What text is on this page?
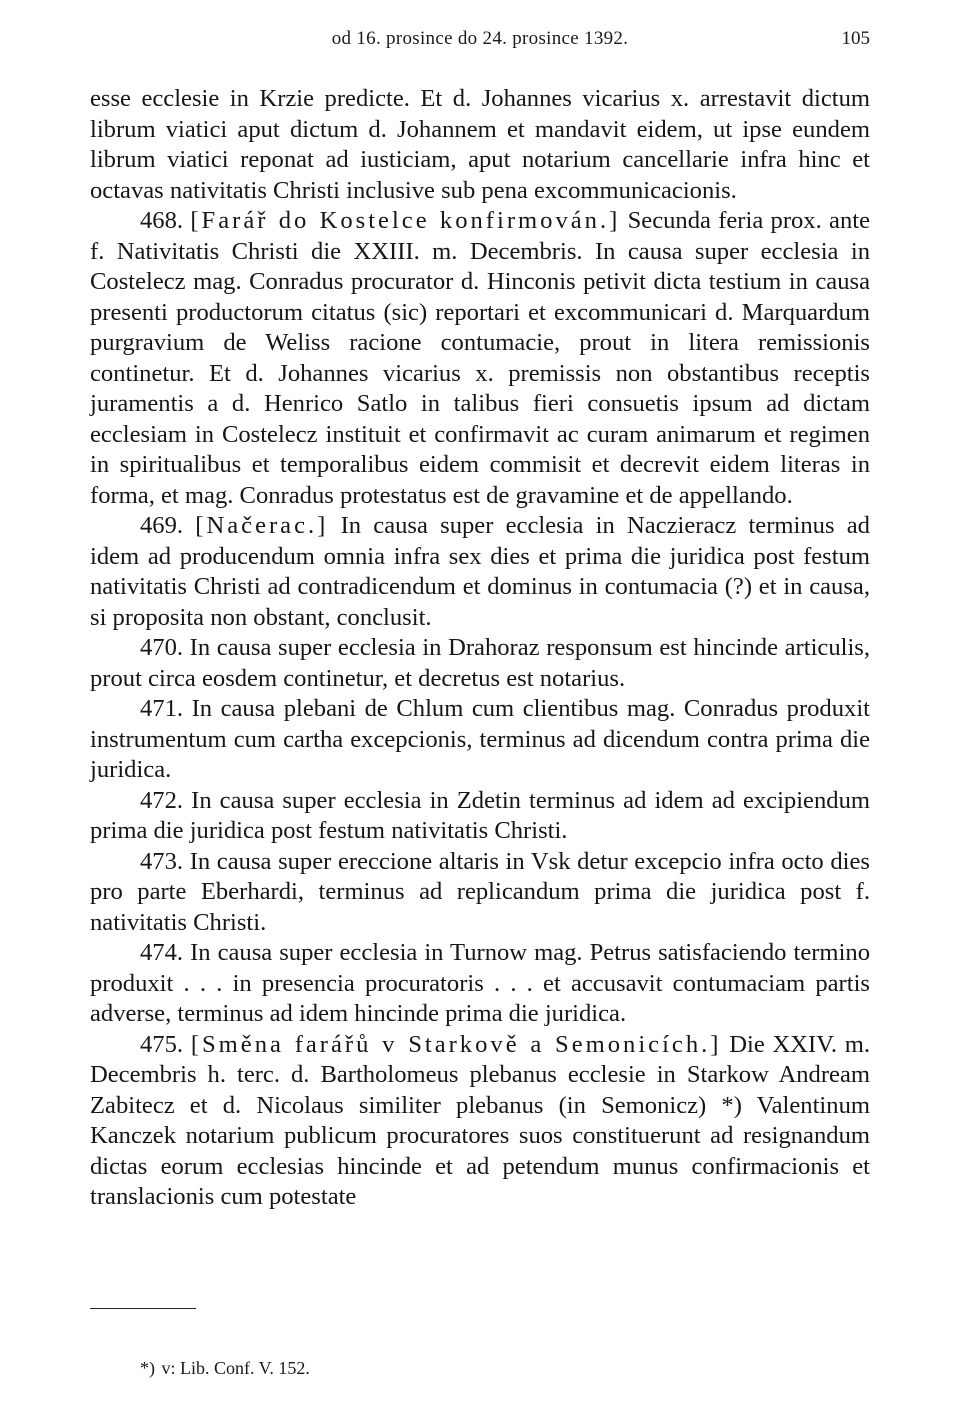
od 16. prosince do 24. prosince 1392.	105

esse ecclesie in Krzie predicte. Et d. Johannes vicarius x. arrestavit dictum librum viatici aput dictum d. Johannem et mandavit eidem, ut ipse eundem librum viatici reponat ad iusticiam, aput notarium cancellarie infra hinc et octavas nativitatis Christi inclusive sub pena excommunicacionis.

468. [Farář do Kostelce konfirmován.] Secunda feria prox. ante f. Nativitatis Christi die XXIII. m. Decembris. In causa super ecclesia in Costelecz mag. Conradus procurator d. Hinconis petivit dicta testium in causa presenti productorum citatus (sic) reportari et excommunicari d. Marquardum purgravium de Weliss racione contumacie, prout in litera remissionis continetur. Et d. Johannes vicarius x. premissis non obstantibus receptis juramentis a d. Henrico Satlo in talibus fieri consuetis ipsum ad dictam ecclesiam in Costelecz instituit et confirmavit ac curam animarum et regimen in spiritualibus et temporalibus eidem commisit et decrevit eidem literas in forma, et mag. Conradus protestatus est de gravamine et de appellando.

469. [Načerac.] In causa super ecclesia in Naczieracz terminus ad idem ad producendum omnia infra sex dies et prima die juridica post festum nativitatis Christi ad contradicendum et dominus in contumacia (?) et in causa, si proposita non obstant, conclusit.

470. In causa super ecclesia in Drahoraz responsum est hincinde articulis, prout circa eosdem continetur, et decretus est notarius.

471. In causa plebani de Chlum cum clientibus mag. Conradus produxit instrumentum cum cartha excepcionis, terminus ad dicendum contra prima die juridica.

472. In causa super ecclesia in Zdetin terminus ad idem ad excipiendum prima die juridica post festum nativitatis Christi.

473. In causa super ereccione altaris in Vsk detur excepcio infra octo dies pro parte Eberhardi, terminus ad replicandum prima die juridica post f. nativitatis Christi.

474. In causa super ecclesia in Turnow mag. Petrus satisfaciendo termino produxit . . . in presencia procuratoris . . . et accusavit contumaciam partis adverse, terminus ad idem hincinde prima die juridica.

475. [Směna farářů v Starkově a Semonicích.] Die XXIV. m. Decembris h. terc. d. Bartholomeus plebanus ecclesie in Starkow Andream Zabitecz et d. Nicolaus similiter plebanus (in Semonicz) *) Valentinum Kanczek notarium publicum procuratores suos constituerunt ad resignandum dictas eorum ecclesias hincinde et ad petendum munus confirmacionis et translacionis cum potestate

*) v: Lib. Conf. V. 152.
